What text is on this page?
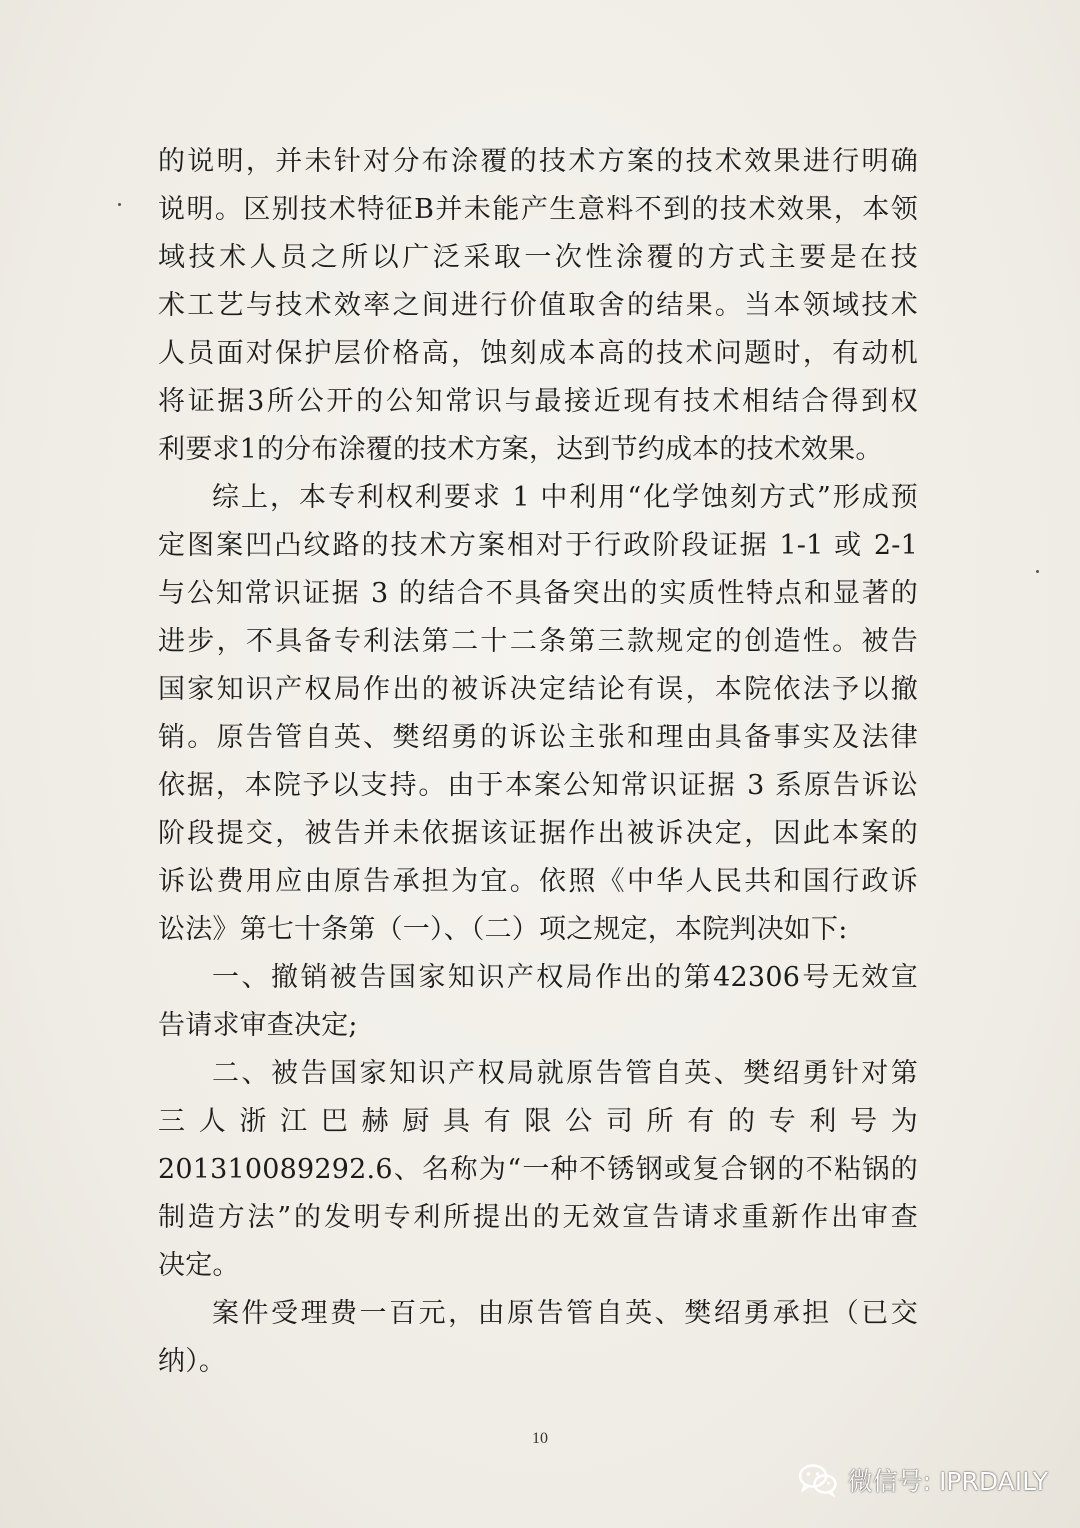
的说明，并未针对分布涂覆的技术方案的技术效果进行明确
说明。区别技术特征B并未能产生意料不到的技术效果，本领
域技术人员之所以广泛采取一次性涂覆的方式主要是在技
术工艺与技术效率之间进行价值取舍的结果。当本领域技术
人员面对保护层价格高，蚀刻成本高的技术问题时，有动机
将证据3所公开的公知常识与最接近现有技术相结合得到权
利要求1的分布涂覆的技术方案，达到节约成本的技术效果。
综上，本专利权利要求 1 中利用“化学蚀刻方式”形成预
定图案凹凸纹路的技术方案相对于行政阶段证据 1-1 或 2-1
与公知常识证据 3 的结合不具备突出的实质性特点和显著的
进步，不具备专利法第二十二条第三款规定的创造性。被告
国家知识产权局作出的被诉决定结论有误，本院依法予以撤
销。原告管自英、樊绍勇的诉讼主张和理由具备事实及法律
依据，本院予以支持。由于本案公知常识证据 3 系原告诉讼
阶段提交，被告并未依据该证据作出被诉决定，因此本案的
诉讼费用应由原告承担为宜。依照《中华人民共和国行政诉
讼法》第七十条第（一）、（二）项之规定，本院判决如下:
一、撤销被告国家知识产权局作出的第42306号无效宣
告请求审查决定;
二、被告国家知识产权局就原告管自英、樊绍勇针对第
三人浙江巴赫厨具有限公司所有的专利号为
201310089292.6、名称为“一种不锈钢或复合钢的不粘锅的
制造方法”的发明专利所提出的无效宣告请求重新作出审查
决定。
案件受理费一百元，由原告管自英、樊绍勇承担（已交
纳）。
10
微信号: IPRDAILY
